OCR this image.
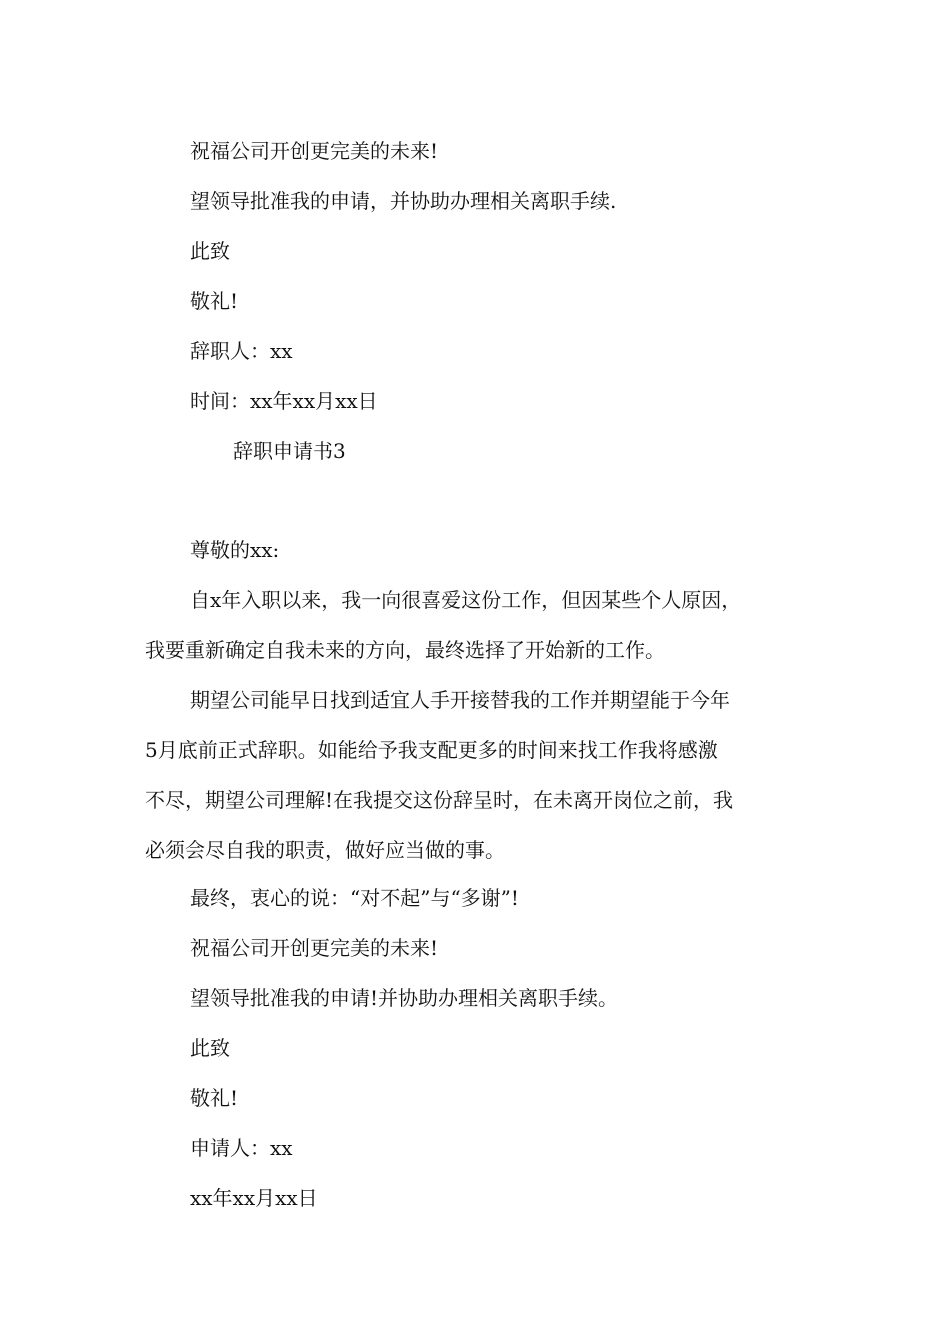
祝福公司开创更完美的未来!
望领导批准我的申请，并协助办理相关离职手续.
此致
敬礼!
辞职人：xx
时间：xx年xx月xx日
辞职申请书3
尊敬的xx:
自x年入职以来，我一向很喜爱这份工作，但因某些个人原因，
我要重新确定自我未来的方向，最终选择了开始新的工作。
期望公司能早日找到适宜人手开接替我的工作并期望能于今年
5月底前正式辞职。如能给予我支配更多的时间来找工作我将感激
不尽，期望公司理解!在我提交这份辞呈时，在未离开岗位之前，我
必须会尽自我的职责，做好应当做的事。
最终，衷心的说：“对不起”与“多谢”!
祝福公司开创更完美的未来!
望领导批准我的申请!并协助办理相关离职手续。
此致
敬礼!
申请人：xx
xx年xx月xx日
